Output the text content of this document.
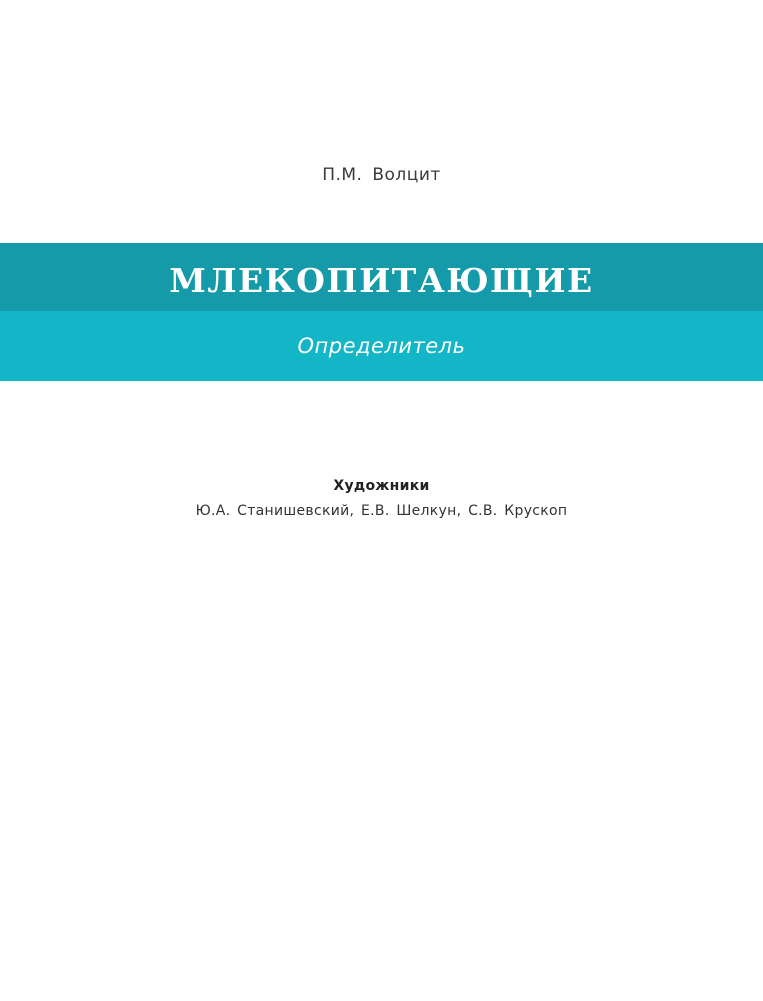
П.М. Волцит
МЛЕКОПИТАЮЩИЕ
Определитель
Художники
Ю.А. Станишевский, Е.В. Шелкун, С.В. Крускоп
